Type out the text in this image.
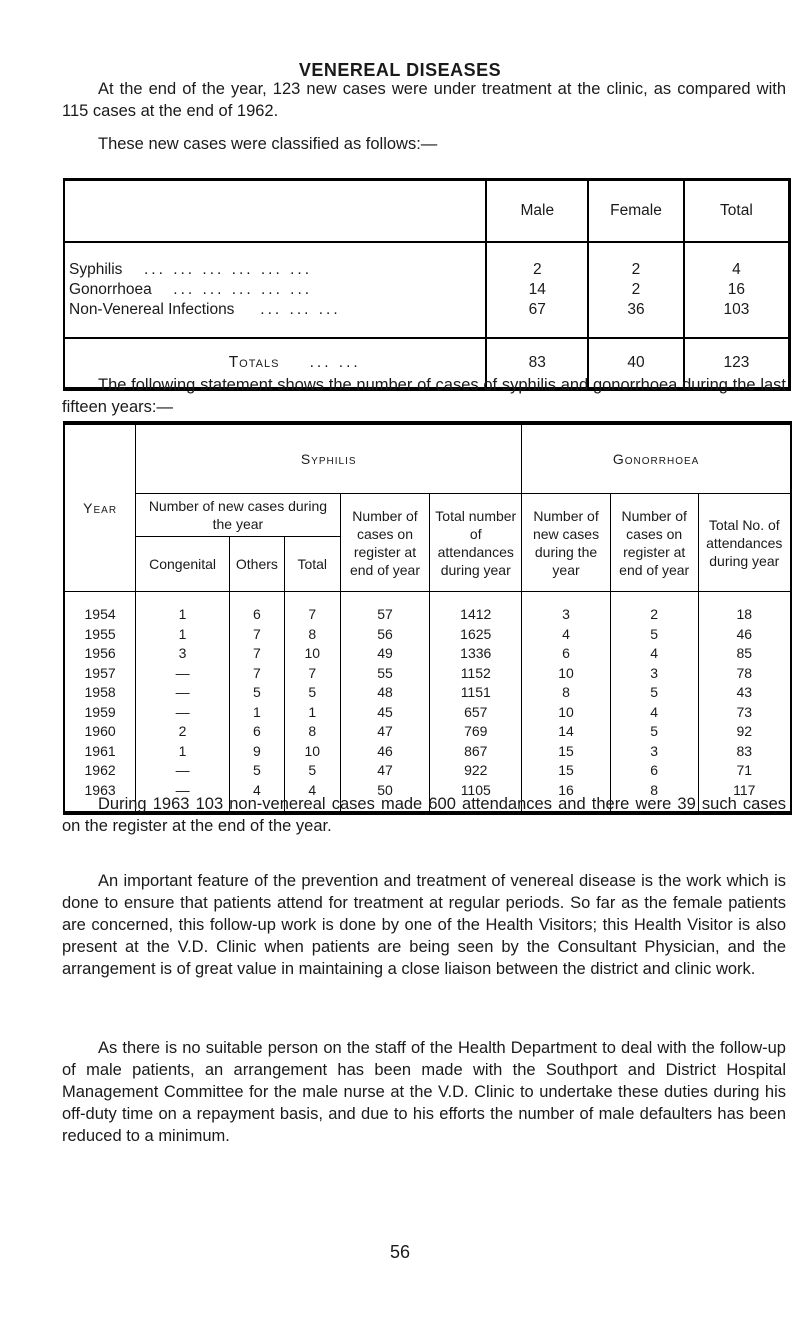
VENEREAL DISEASES

At the end of the year, 123 new cases were under treatment at the clinic, as compared with 115 cases at the end of 1962.

These new cases were classified as follows:—

	Male	Female	Total
Syphilis ... ... ... ... ... ...	2	2	4
Gonorrhoea ... ... ... ... ...	14	2	16
Non-Venereal Infections ... ... ...	67	36	103
Totals ... ...	83	40	123

The following statement shows the number of cases of syphilis and gonorrhoea during the last fifteen years:—

Year	Syphilis					Gonorrhoea		
	Number of new cases during the year			Number of cases on register at end of year	Total number of attendances during year	Number of new cases during the year	Number of cases on register at end of year	Total No. of attendances during year
	Congenital	Others	Total					
1954	1	6	7	57	1412	3	2	18
1955	1	7	8	56	1625	4	5	46
1956	3	7	10	49	1336	6	4	85
1957	—	7	7	55	1152	10	3	78
1958	—	5	5	48	1151	8	5	43
1959	—	1	1	45	657	10	4	73
1960	2	6	8	47	769	14	5	92
1961	1	9	10	46	867	15	3	83
1962	—	5	5	47	922	15	6	71
1963	—	4	4	50	1105	16	8	117

During 1963 103 non-venereal cases made 600 attendances and there were 39 such cases on the register at the end of the year.

An important feature of the prevention and treatment of venereal disease is the work which is done to ensure that patients attend for treatment at regular periods. So far as the female patients are concerned, this follow-up work is done by one of the Health Visitors; this Health Visitor is also present at the V.D. Clinic when patients are being seen by the Consultant Physician, and the arrangement is of great value in maintaining a close liaison between the district and clinic work.

As there is no suitable person on the staff of the Health Department to deal with the follow-up of male patients, an arrangement has been made with the Southport and District Hospital Management Committee for the male nurse at the V.D. Clinic to undertake these duties during his off-duty time on a repayment basis, and due to his efforts the number of male defaulters has been reduced to a minimum.

56
